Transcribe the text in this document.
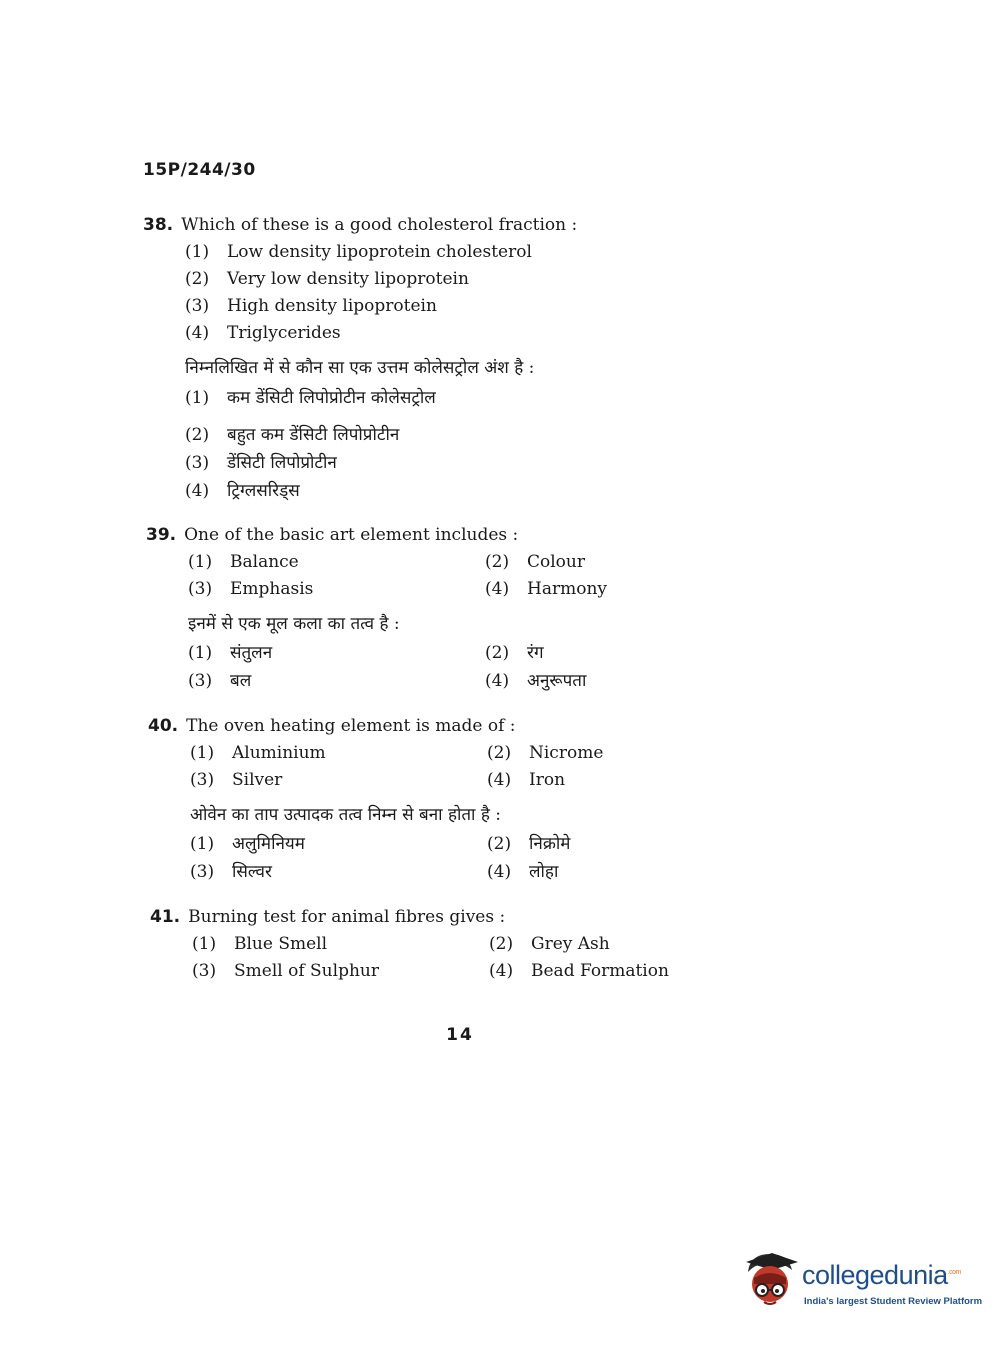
15P/244/30
38. Which of these is a good cholesterol fraction :
(1) Low density lipoprotein cholesterol
(2) Very low density lipoprotein
(3) High density lipoprotein
(4) Triglycerides
निम्नलिखित में से कौन सा एक उत्तम कोलेसट्रोल अंश है :
(1) कम डेंसिटी लिपोप्रोटीन कोलेसट्रोल
(2) बहुत कम डेंसिटी लिपोप्रोटीन
(3) डेंसिटी लिपोप्रोटीन
(4) ट्रिग्लसरिड्स
39. One of the basic art element includes :
(1) Balance	(2) Colour
(3) Emphasis	(4) Harmony
इनमें से एक मूल कला का तत्व है :
(1) संतुलन	(2) रंग
(3) बल	(4) अनुरूपता
40. The oven heating element is made of :
(1) Aluminium	(2) Nicrome
(3) Silver	(4) Iron
ओवेन का ताप उत्पादक तत्व निम्न से बना होता है :
(1) अलुमिनियम	(2) निक्रोमे
(3) सिल्वर	(4) लोहा
41. Burning test for animal fibres gives :
(1) Blue Smell	(2) Grey Ash
(3) Smell of Sulphur	(4) Bead Formation
14
collegedunia$^{.com}$
India's largest Student Review Platform
